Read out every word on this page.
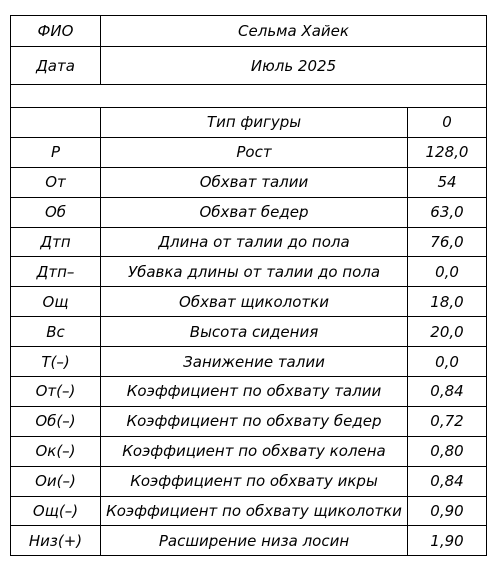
ФИО	Сельма Хайек	
Дата	Июль 2025	

	Тип фигуры	0
Р	Рост	128,0
От	Обхват талии	54
Об	Обхват бедер	63,0
Дтп	Длина от талии до пола	76,0
Дтп–	Убавка длины от талии до пола	0,0
Ощ	Обхват щиколотки	18,0
Вс	Высота сидения	20,0
Т(–)	Занижение талии	0,0
От(–)	Коэффициент по обхвату талии	0,84
Об(–)	Коэффициент по обхвату бедер	0,72
Ок(–)	Коэффициент по обхвату колена	0,80
Ои(–)	Коэффициент по обхвату икры	0,84
Ощ(–)	Коэффициент по обхвату щиколотки	0,90
Низ(+)	Расширение низа лосин	1,90
